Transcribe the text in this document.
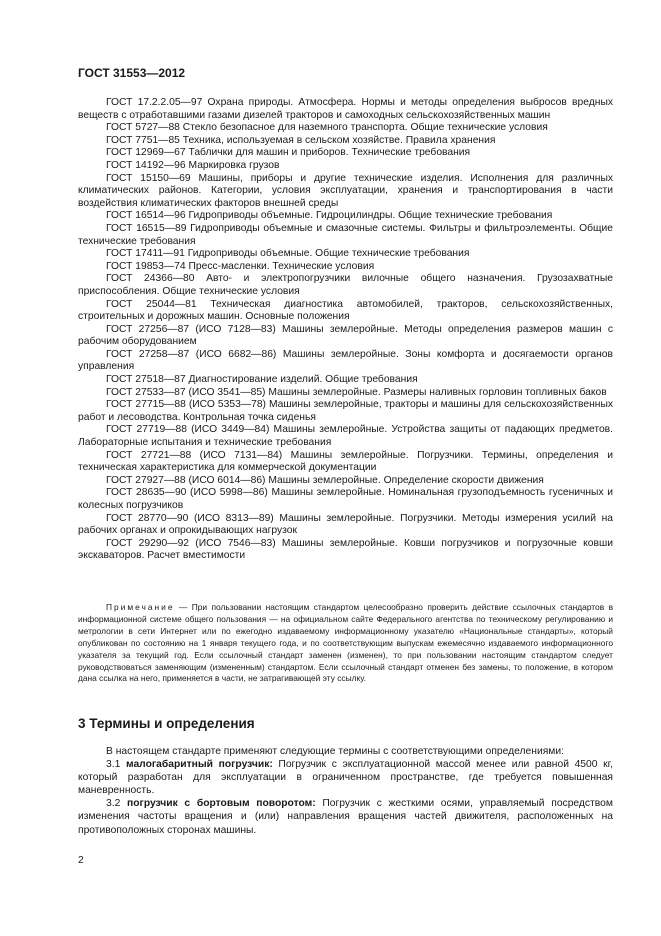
ГОСТ 31553—2012

ГОСТ 17.2.2.05—97 Охрана природы. Атмосфера. Нормы и методы определения выбросов вредных веществ с отработавшими газами дизелей тракторов и самоходных сельскохозяйственных машин

ГОСТ 5727—88 Стекло безопасное для наземного транспорта. Общие технические условия

ГОСТ 7751—85 Техника, используемая в сельском хозяйстве. Правила хранения

ГОСТ 12969—67 Таблички для машин и приборов. Технические требования

ГОСТ 14192—96 Маркировка грузов

ГОСТ 15150—69 Машины, приборы и другие технические изделия. Исполнения для различных климатических районов. Категории, условия эксплуатации, хранения и транспортирования в части воздействия климатических факторов внешней среды

ГОСТ 16514—96 Гидроприводы объемные. Гидроцилиндры. Общие технические требования

ГОСТ 16515—89 Гидроприводы объемные и смазочные системы. Фильтры и фильтроэлементы. Общие технические требования

ГОСТ 17411—91 Гидроприводы объемные. Общие технические требования

ГОСТ 19853—74 Пресс-масленки. Технические условия

ГОСТ 24366—80 Авто- и электропогрузчики вилочные общего назначения. Грузозахватные приспособления. Общие технические условия

ГОСТ 25044—81 Техническая диагностика автомобилей, тракторов, сельскохозяйственных, строительных и дорожных машин. Основные положения

ГОСТ 27256—87 (ИСО 7128—83) Машины землеройные. Методы определения размеров машин с рабочим оборудованием

ГОСТ 27258—87 (ИСО 6682—86) Машины землеройные. Зоны комфорта и досягаемости органов управления

ГОСТ 27518—87 Диагностирование изделий. Общие требования

ГОСТ 27533—87 (ИСО 3541—85) Машины землеройные. Размеры наливных горловин топливных баков

ГОСТ 27715—88 (ИСО 5353—78) Машины землеройные, тракторы и машины для сельскохозяйственных работ и лесоводства. Контрольная точка сиденья

ГОСТ 27719—88 (ИСО 3449—84) Машины землеройные. Устройства защиты от падающих предметов. Лабораторные испытания и технические требования

ГОСТ 27721—88 (ИСО 7131—84) Машины землеройные. Погрузчики. Термины, определения и техническая характеристика для коммерческой документации

ГОСТ 27927—88 (ИСО 6014—86) Машины землеройные. Определение скорости движения

ГОСТ 28635—90 (ИСО 5998—86) Машины землеройные. Номинальная грузоподъемность гусеничных и колесных погрузчиков

ГОСТ 28770—90 (ИСО 8313—89) Машины землеройные. Погрузчики. Методы измерения усилий на рабочих органах и опрокидывающих нагрузок

ГОСТ 29290—92 (ИСО 7546—83) Машины землеройные. Ковши погрузчиков и погрузочные ковши экскаваторов. Расчет вместимости

Примечание — При пользовании настоящим стандартом целесообразно проверить действие ссылочных стандартов в информационной системе общего пользования — на официальном сайте Федерального агентства по техническому регулированию и метрологии в сети Интернет или по ежегодно издаваемому информационному указателю «Национальные стандарты», который опубликован по состоянию на 1 января текущего года, и по соответствующим выпускам ежемесячно издаваемого информационного указателя за текущий год. Если ссылочный стандарт заменен (изменен), то при пользовании настоящим стандартом следует руководствоваться заменяющим (измененным) стандартом. Если ссылочный стандарт отменен без замены, то положение, в котором дана ссылка на него, применяется в части, не затрагивающей эту ссылку.

3 Термины и определения

В настоящем стандарте применяют следующие термины с соответствующими определениями:

3.1 малогабаритный погрузчик: Погрузчик с эксплуатационной массой менее или равной 4500 кг, который разработан для эксплуатации в ограниченном пространстве, где требуется повышенная маневренность.

3.2 погрузчик с бортовым поворотом: Погрузчик с жесткими осями, управляемый посредством изменения частоты вращения и (или) направления вращения частей движителя, расположенных на противоположных сторонах машины.

2
